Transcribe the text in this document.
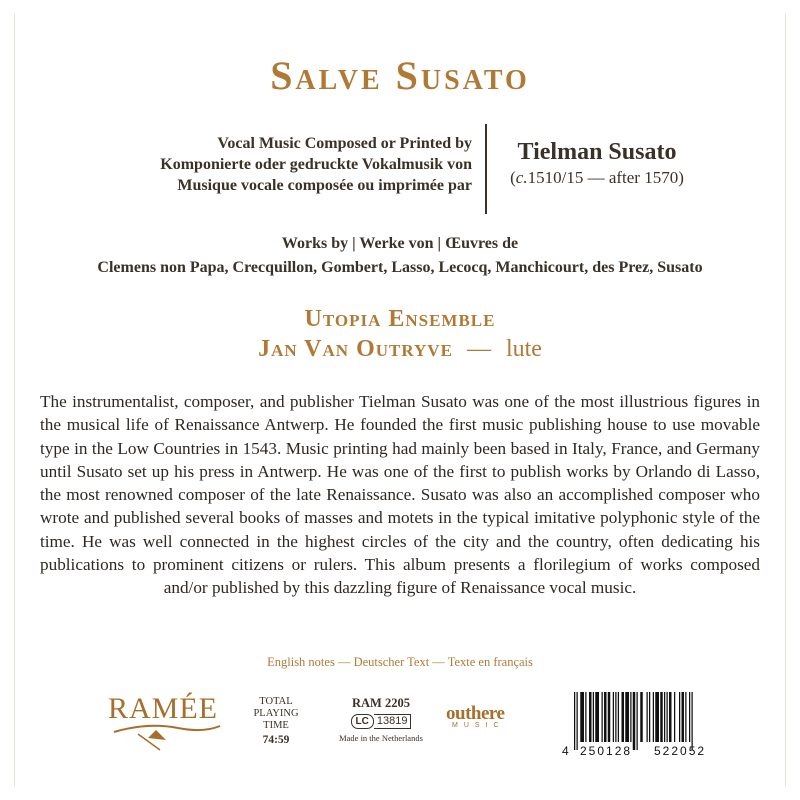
Salve Susato
Vocal Music Composed or Printed by
Komponierte oder gedruckte Vokalmusik von
Musique vocale composée ou imprimée par
Tielman Susato
(c.1510/15 — after 1570)
Works by | Werke von | Œuvres de
Clemens non Papa, Crecquillon, Gombert, Lasso, Lecocq, Manchicourt, des Prez, Susato
Utopia Ensemble
Jan Van Outryve — lute
The instrumentalist, composer, and publisher Tielman Susato was one of the most illustrious figures in the musical life of Renaissance Antwerp. He founded the first music publishing house to use movable type in the Low Countries in 1543. Music printing had mainly been based in Italy, France, and Germany until Susato set up his press in Antwerp. He was one of the first to publish works by Orlando di Lasso, the most renowned composer of the late Renaissance. Susato was also an accomplished composer who wrote and published several books of masses and motets in the typical imitative polyphonic style of the time. He was well connected in the highest circles of the city and the country, often dedicating his publications to prominent citizens or rulers. This album presents a florilegium of works composed and/or published by this dazzling figure of Renaissance vocal music.
English notes — Deutscher Text — Texte en français
RAMÉE	TOTAL
PLAYING
TIME
74:59
RAM 2205
LC 13819
Made in the Netherlands
outhere
MUSIC
4 250128 522052
